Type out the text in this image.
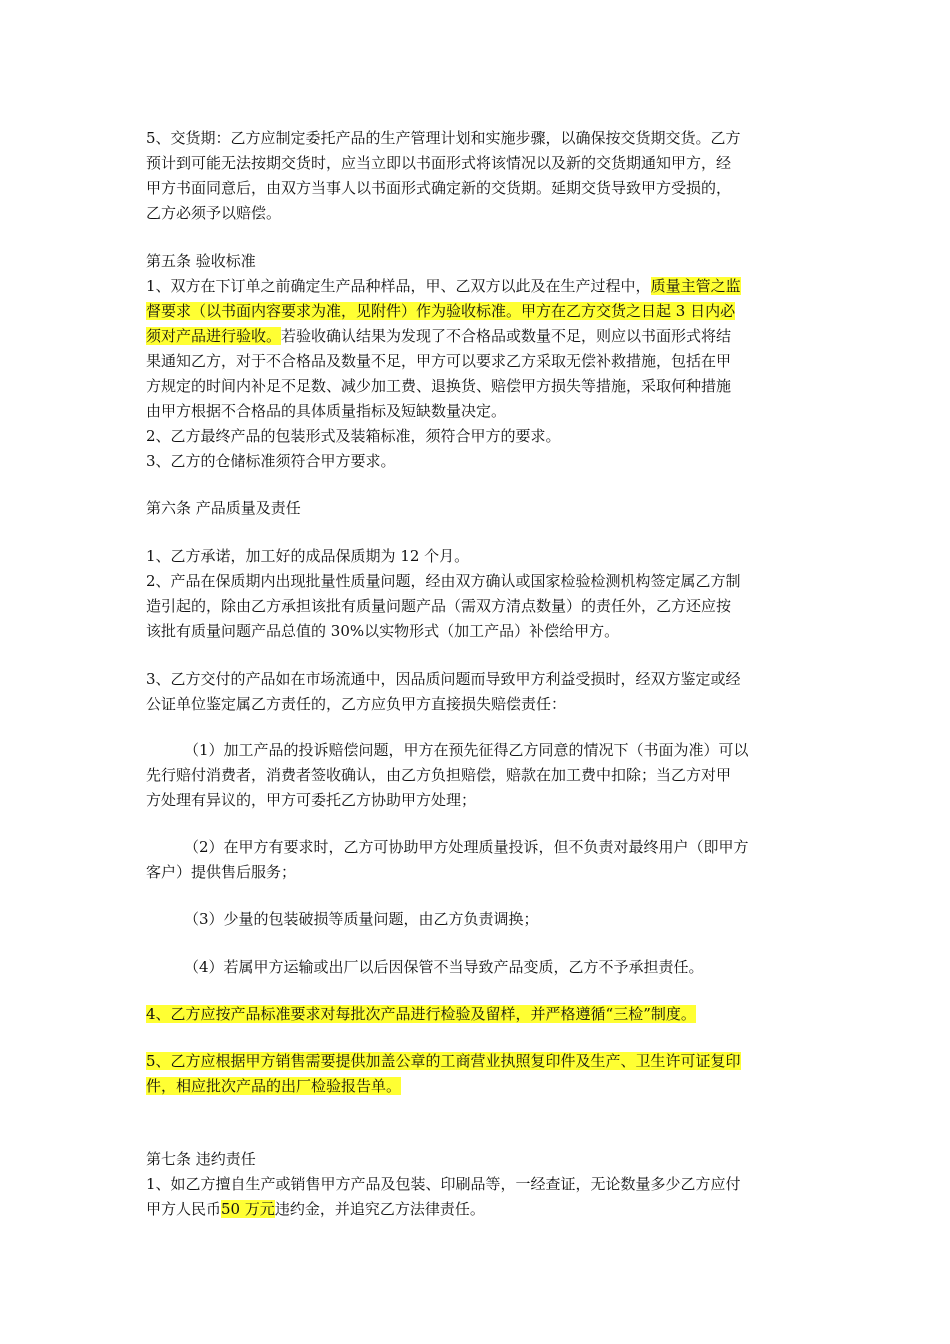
5、交货期：乙方应制定委托产品的生产管理计划和实施步骤，以确保按交货期交货。乙方
预计到可能无法按期交货时，应当立即以书面形式将该情况以及新的交货期通知甲方，经
甲方书面同意后，由双方当事人以书面形式确定新的交货期。延期交货导致甲方受损的，
乙方必须予以赔偿。
第五条 验收标准
1、双方在下订单之前确定生产品种样品，甲、乙双方以此及在生产过程中，质量主管之监
督要求（以书面内容要求为准，见附件）作为验收标准。甲方在乙方交货之日起 3 日内必
须对产品进行验收。若验收确认结果为发现了不合格品或数量不足，则应以书面形式将结
果通知乙方，对于不合格品及数量不足，甲方可以要求乙方采取无偿补救措施，包括在甲
方规定的时间内补足不足数、减少加工费、退换货、赔偿甲方损失等措施，采取何种措施
由甲方根据不合格品的具体质量指标及短缺数量决定。
2、乙方最终产品的包装形式及装箱标准，须符合甲方的要求。
3、乙方的仓储标准须符合甲方要求。
第六条 产品质量及责任
1、乙方承诺，加工好的成品保质期为 12 个月。
2、产品在保质期内出现批量性质量问题，经由双方确认或国家检验检测机构签定属乙方制
造引起的，除由乙方承担该批有质量问题产品（需双方清点数量）的责任外，乙方还应按
该批有质量问题产品总值的 30%以实物形式（加工产品）补偿给甲方。
3、乙方交付的产品如在市场流通中，因品质问题而导致甲方利益受损时，经双方鉴定或经
公证单位鉴定属乙方责任的，乙方应负甲方直接损失赔偿责任：
（1）加工产品的投诉赔偿问题，甲方在预先征得乙方同意的情况下（书面为准）可以
先行赔付消费者，消费者签收确认，由乙方负担赔偿，赔款在加工费中扣除；当乙方对甲
方处理有异议的，甲方可委托乙方协助甲方处理；
（2）在甲方有要求时，乙方可协助甲方处理质量投诉，但不负责对最终用户（即甲方
客户）提供售后服务；
（3）少量的包装破损等质量问题，由乙方负责调换；
（4）若属甲方运输或出厂以后因保管不当导致产品变质，乙方不予承担责任。
4、乙方应按产品标准要求对每批次产品进行检验及留样，并严格遵循“三检”制度。
5、乙方应根据甲方销售需要提供加盖公章的工商营业执照复印件及生产、卫生许可证复印
件，相应批次产品的出厂检验报告单。
第七条 违约责任
1、如乙方擅自生产或销售甲方产品及包装、印刷品等，一经查证，无论数量多少乙方应付
甲方人民币50 万元违约金，并追究乙方法律责任。
